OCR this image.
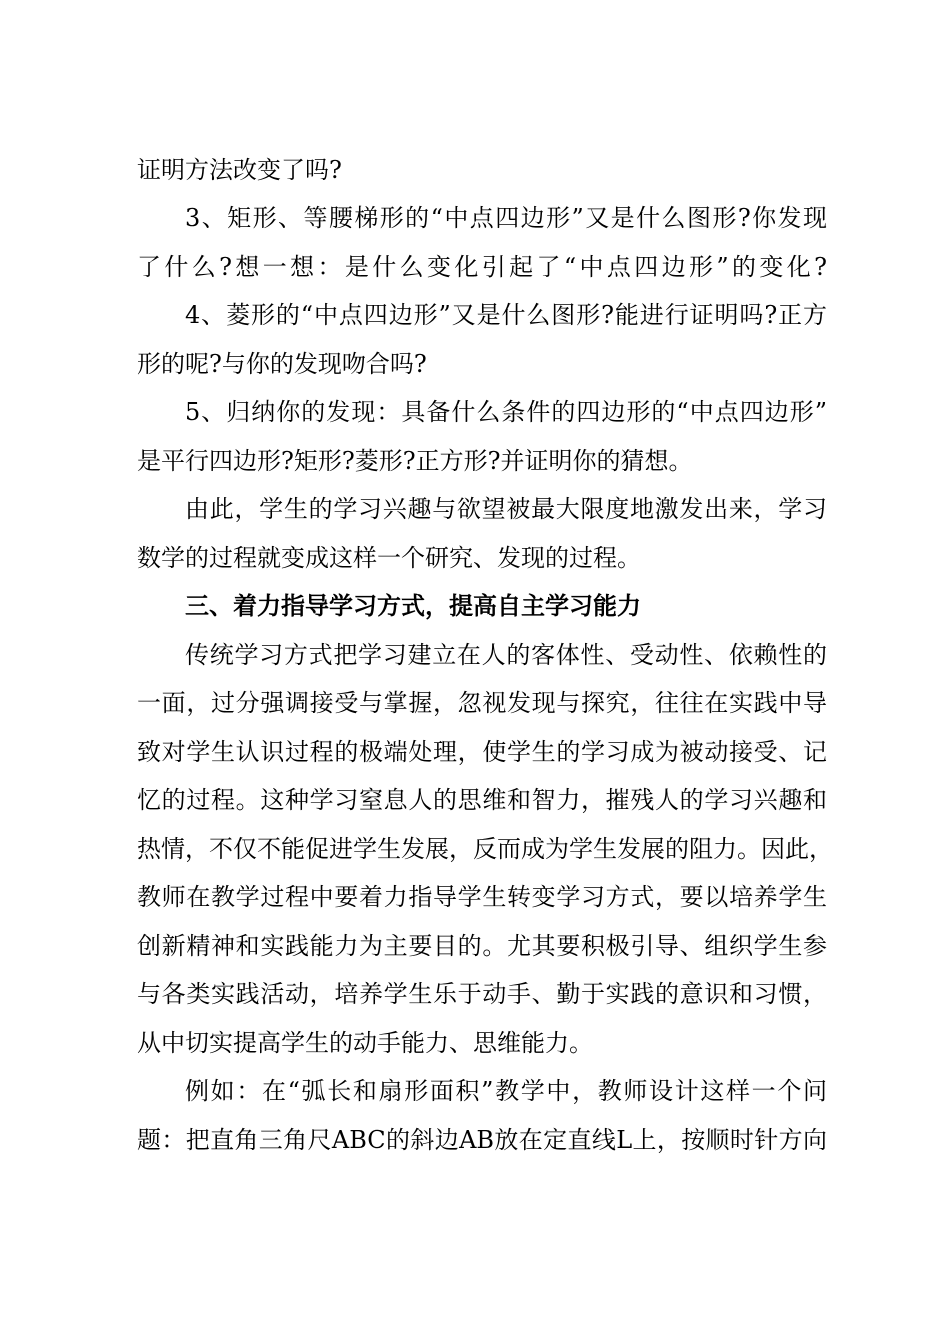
证明方法改变了吗?
3、矩形、等腰梯形的“中点四边形”又是什么图形?你发现
了什么?想一想：是什么变化引起了“中点四边形”的变化?
4、菱形的“中点四边形”又是什么图形?能进行证明吗?正方
形的呢?与你的发现吻合吗?
5、归纳你的发现：具备什么条件的四边形的“中点四边形”
是平行四边形?矩形?菱形?正方形?并证明你的猜想。
由此，学生的学习兴趣与欲望被最大限度地激发出来，学习
数学的过程就变成这样一个研究、发现的过程。
三、着力指导学习方式，提高自主学习能力
传统学习方式把学习建立在人的客体性、受动性、依赖性的
一面，过分强调接受与掌握，忽视发现与探究，往往在实践中导
致对学生认识过程的极端处理，使学生的学习成为被动接受、记
忆的过程。这种学习窒息人的思维和智力，摧残人的学习兴趣和
热情，不仅不能促进学生发展，反而成为学生发展的阻力。因此，
教师在教学过程中要着力指导学生转变学习方式，要以培养学生
创新精神和实践能力为主要目的。尤其要积极引导、组织学生参
与各类实践活动，培养学生乐于动手、勤于实践的意识和习惯，
从中切实提高学生的动手能力、思维能力。
例如：在“弧长和扇形面积”教学中，教师设计这样一个问
题：把直角三角尺ABC的斜边AB放在定直线L上，按顺时针方向
